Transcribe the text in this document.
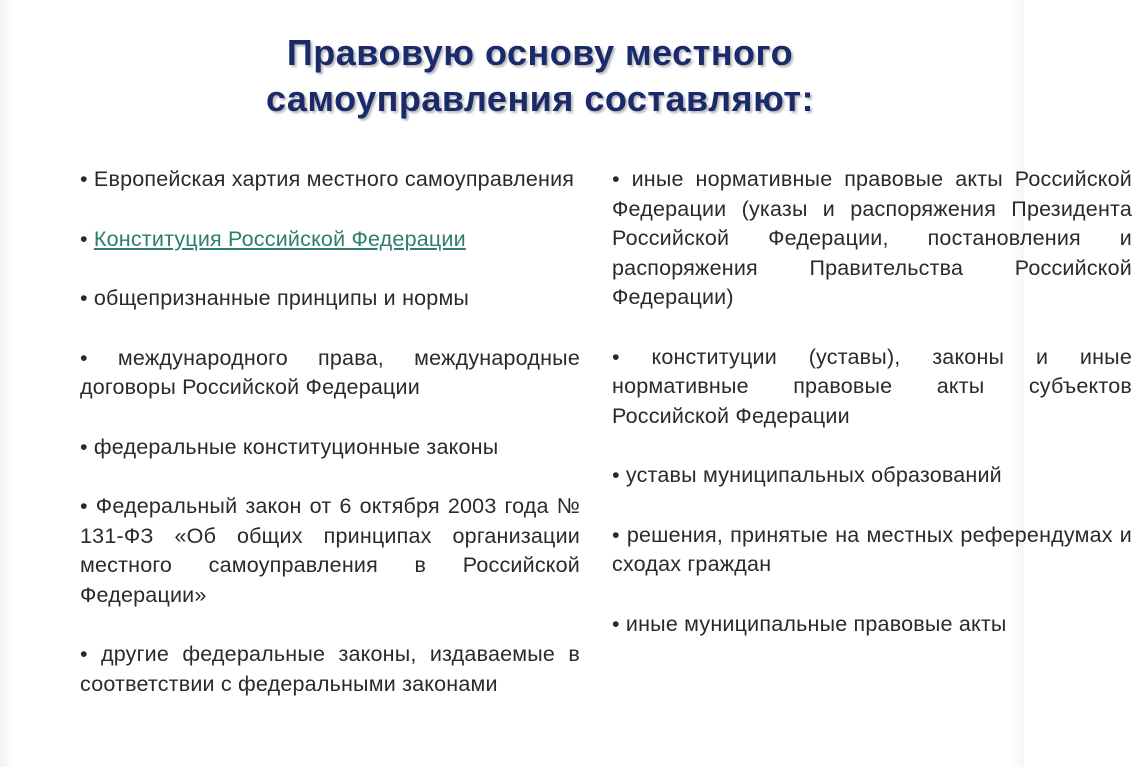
Правовую основу местного
самоуправления составляют:
• Европейская хартия местного самоуправления
• Конституция Российской Федерации
• общепризнанные принципы и нормы
• международного права, международные договоры Российской Федерации
• федеральные конституционные законы
• Федеральный закон от 6 октября 2003 года № 131-ФЗ «Об общих принципах организации местного самоуправления в Российской Федерации»
• другие федеральные законы, издаваемые в соответствии с федеральными законами
• иные нормативные правовые акты Российской Федерации (указы и распоряжения Президента Российской Федерации, постановления и распоряжения Правительства Российской Федерации)
• конституции (уставы), законы и иные нормативные правовые акты субъектов Российской Федерации
• уставы муниципальных образований
• решения, принятые на местных референдумах и сходах граждан
• иные муниципальные правовые акты
